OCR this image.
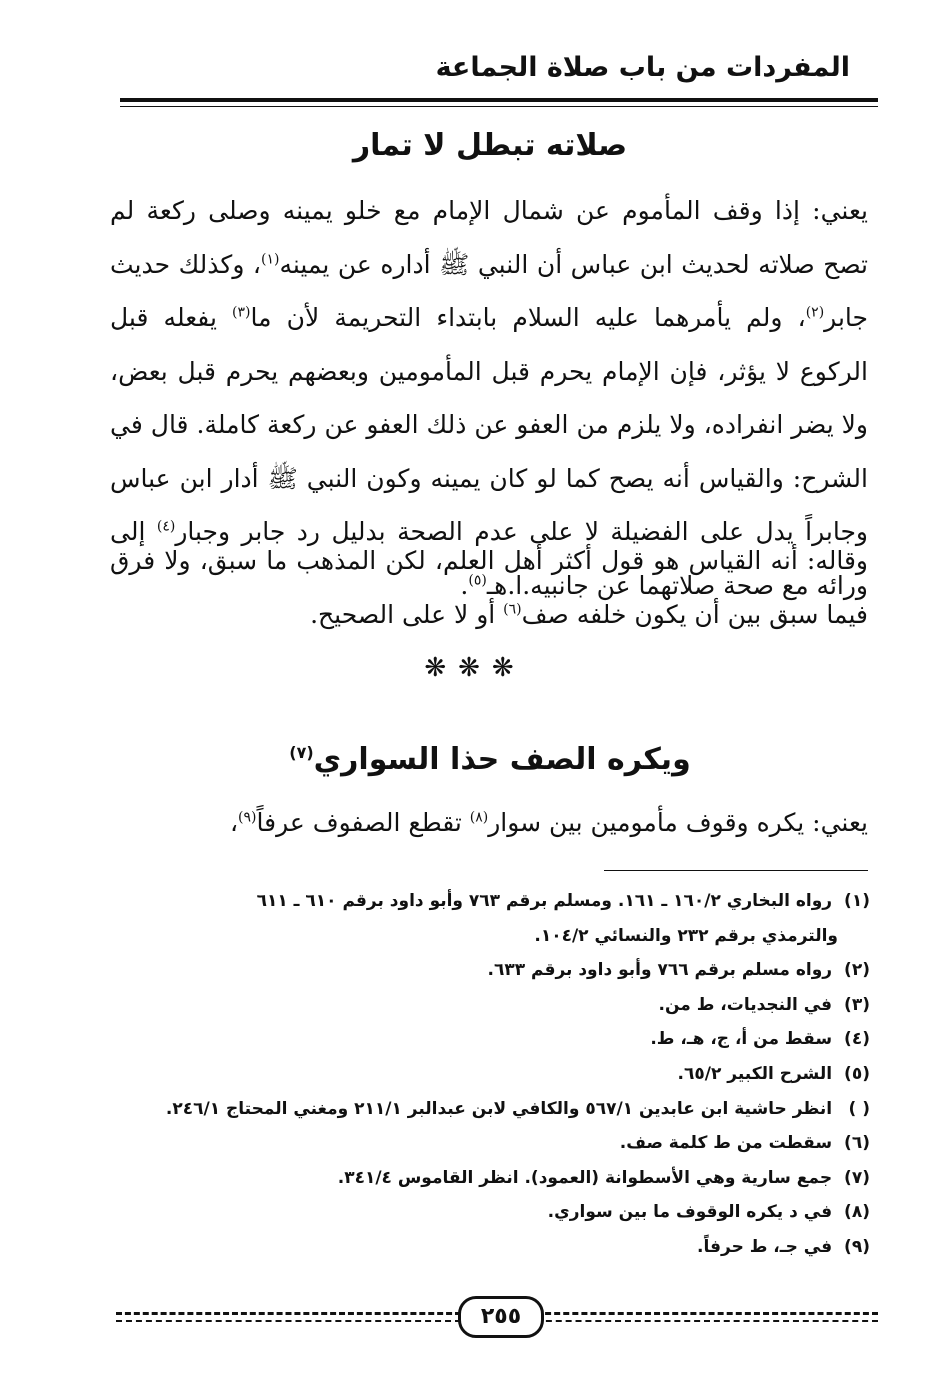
المفردات من باب صلاة الجماعة
صلاته تبطل لا تمار
يعني: إذا وقف المأموم عن شمال الإمام مع خلو يمينه وصلى ركعة لم تصح صلاته لحديث ابن عباس أن النبي ﷺ أداره عن يمينه$^{(١)}$، وكذلك حديث جابر$^{(٢)}$، ولم يأمرهما عليه السلام بابتداء التحريمة لأن ما$^{(٣)}$ يفعله قبل الركوع لا يؤثر، فإن الإمام يحرم قبل المأمومين وبعضهم يحرم قبل بعض، ولا يضر انفراده، ولا يلزم من العفو عن ذلك العفو عن ركعة كاملة. قال في الشرح: والقياس أنه يصح كما لو كان يمينه وكون النبي ﷺ أدار ابن عباس وجابراً يدل على الفضيلة لا على عدم الصحة بدليل رد جابر وجبار$^{(٤)}$ إلى ورائه مع صحة صلاتهما عن جانبيه.ا.هـ$^{(٥)}$.
وقاله: أنه القياس هو قول أكثر أهل العلم، لكن المذهب ما سبق، ولا فرق فيما سبق بين أن يكون خلفه صف$^{(٦)}$ أو لا على الصحيح.
❋❋❋
ويكره الصف حذا السواري$^{(٧)}$
يعني: يكره وقوف مأمومين بين سوار$^{(٨)}$ تقطع الصفوف عرفاً$^{(٩)}$،
(١) رواه البخاري ١٦٠/٢ ـ ١٦١. ومسلم برقم ٧٦٣ وأبو داود برقم ٦١٠ ـ ٦١١
والترمذي برقم ٢٣٢ والنسائي ١٠٤/٢.
(٢) رواه مسلم برقم ٧٦٦ وأبو داود برقم ٦٣٣.
(٣) في النجديات، ط من.
(٤) سقط من أ، ج، هـ، ط.
(٥) الشرح الكبير ٦٥/٢.
( ) انظر حاشية ابن عابدين ٥٦٧/١ والكافي لابن عبدالبر ٢١١/١ ومغني المحتاج ٢٤٦/١.
(٦) سقطت من ط كلمة صف.
(٧) جمع سارية وهي الأسطوانة (العمود). انظر القاموس ٣٤١/٤.
(٨) في د يكره الوقوف ما بين سواري.
(٩) في جـ، ط حرفاً.
٢٥٥
